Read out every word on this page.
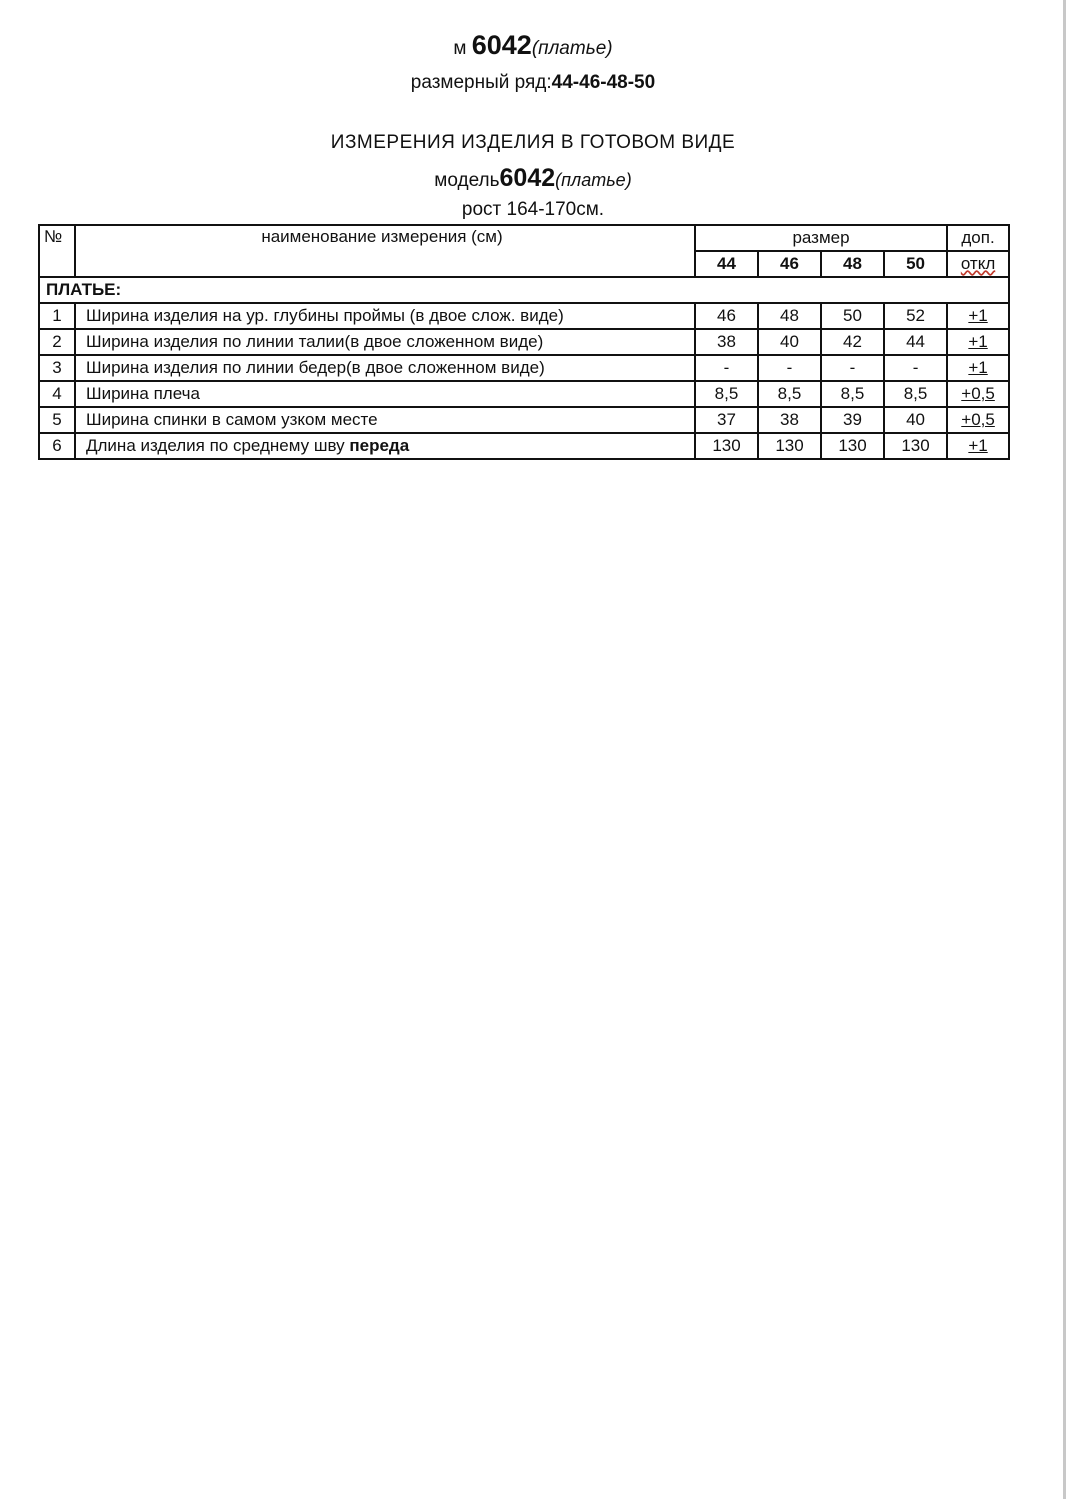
м 6042(платье)
размерный ряд:44-46-48-50
ИЗМЕРЕНИЯ ИЗДЕЛИЯ В ГОТОВОМ ВИДЕ
модель6042(платье)
рост 164-170см.
№	наименование измерения (см)	размер				доп.
		44	46	48	50	откл
ПЛАТЬЕ:						
1	Ширина изделия на ур. глубины проймы (в двое слож. виде)	46	48	50	52	+1
2	Ширина изделия по линии талии(в двое сложенном виде)	38	40	42	44	+1
3	Ширина изделия по линии бедер(в двое сложенном виде)	-	-	-	-	+1
4	Ширина плеча	8,5	8,5	8,5	8,5	+0,5
5	Ширина спинки в самом узком месте	37	38	39	40	+0,5
6	Длина изделия по среднему шву переда	130	130	130	130	+1
